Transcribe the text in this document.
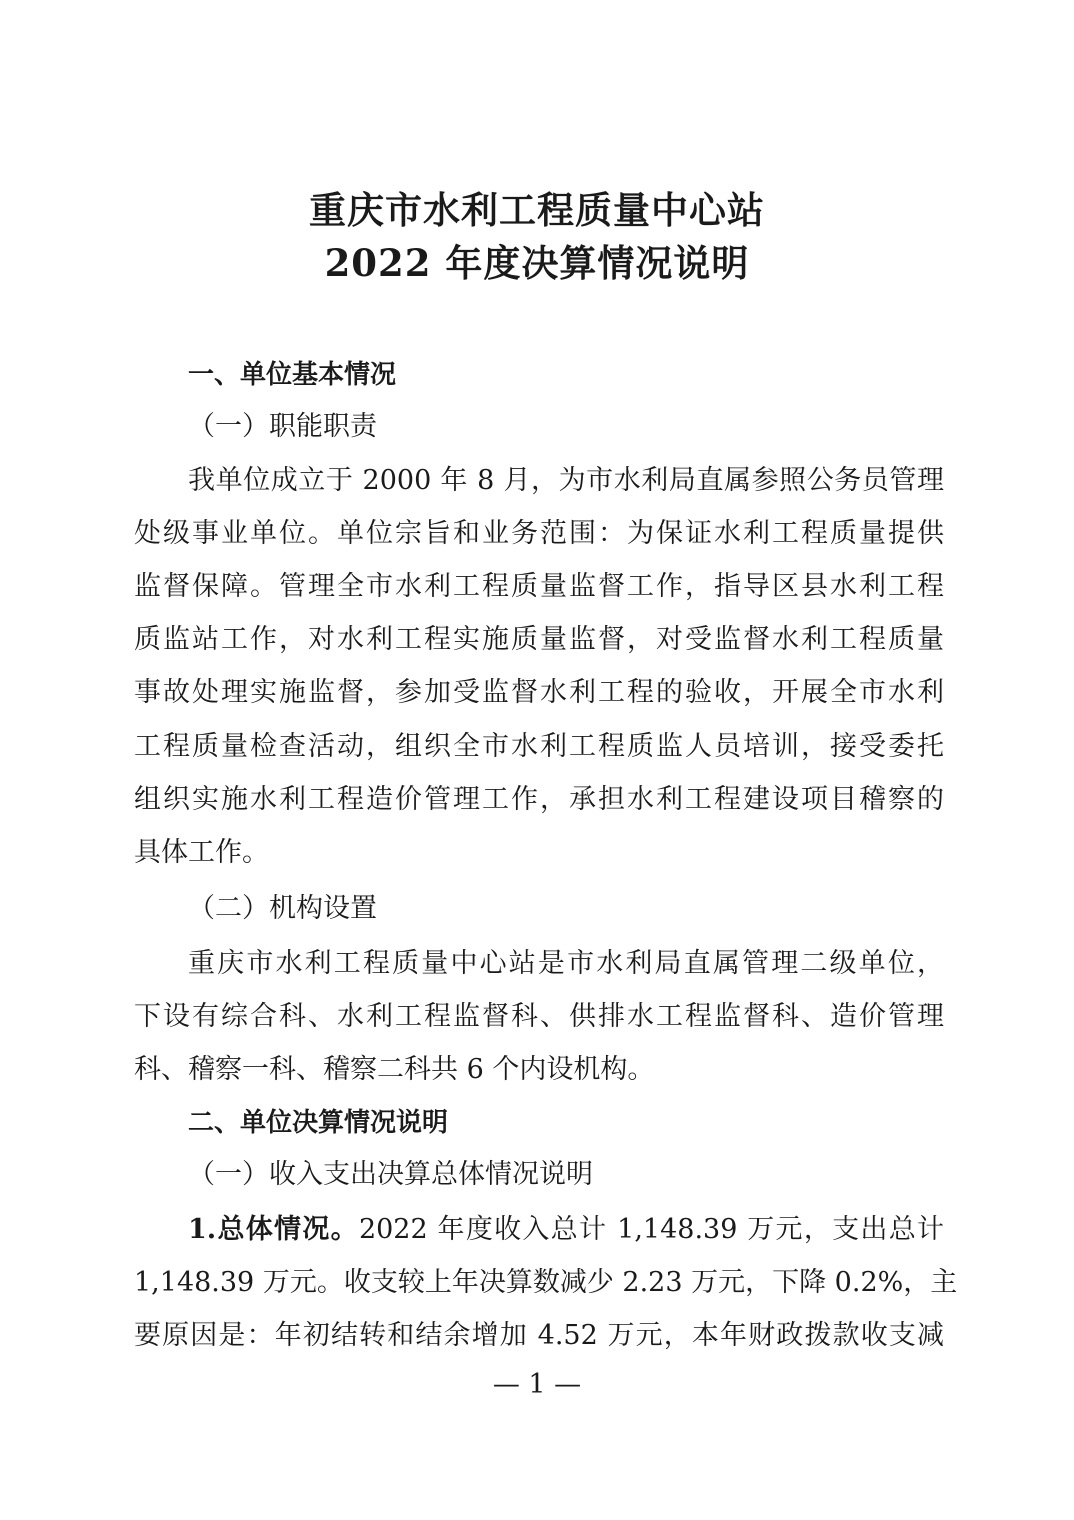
重庆市水利工程质量中心站
2022 年度决算情况说明
一、单位基本情况
（一）职能职责
我单位成立于 2000 年 8 月，为市水利局直属参照公务员管理
处级事业单位。单位宗旨和业务范围：为保证水利工程质量提供
监督保障。管理全市水利工程质量监督工作，指导区县水利工程
质监站工作，对水利工程实施质量监督，对受监督水利工程质量
事故处理实施监督，参加受监督水利工程的验收，开展全市水利
工程质量检查活动，组织全市水利工程质监人员培训，接受委托
组织实施水利工程造价管理工作，承担水利工程建设项目稽察的
具体工作。
（二）机构设置
重庆市水利工程质量中心站是市水利局直属管理二级单位，
下设有综合科、水利工程监督科、供排水工程监督科、造价管理
科、稽察一科、稽察二科共 6 个内设机构。
二、单位决算情况说明
（一）收入支出决算总体情况说明
1.总体情况。2022 年度收入总计 1,148.39 万元，支出总计
1,148.39 万元。收支较上年决算数减少 2.23 万元，下降 0.2%，主
要原因是：年初结转和结余增加 4.52 万元，本年财政拨款收支减
— 1 —
